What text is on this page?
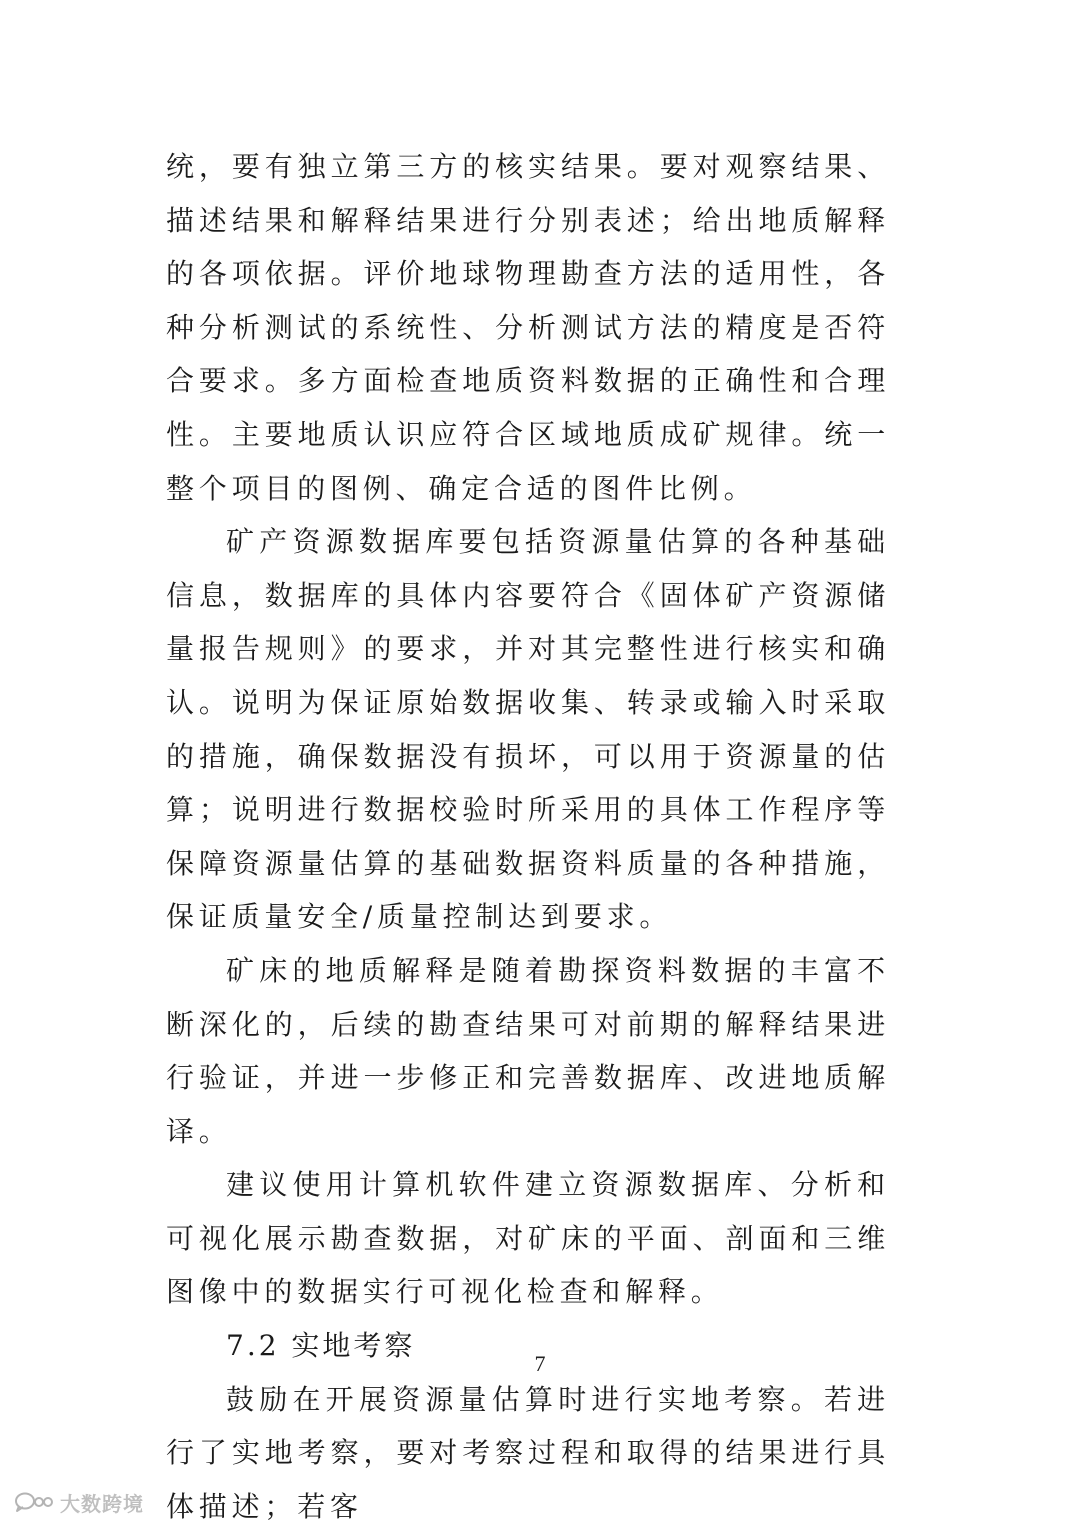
统，要有独立第三方的核实结果。要对观察结果、描述结果和解释结果进行分别表述；给出地质解释的各项依据。评价地球物理勘查方法的适用性，各种分析测试的系统性、分析测试方法的精度是否符合要求。多方面检查地质资料数据的正确性和合理性。主要地质认识应符合区域地质成矿规律。统一整个项目的图例、确定合适的图件比例。

矿产资源数据库要包括资源量估算的各种基础信息，数据库的具体内容要符合《固体矿产资源储量报告规则》的要求，并对其完整性进行核实和确认。说明为保证原始数据收集、转录或输入时采取的措施，确保数据没有损坏，可以用于资源量的估算；说明进行数据校验时所采用的具体工作程序等保障资源量估算的基础数据资料质量的各种措施，保证质量安全/质量控制达到要求。

矿床的地质解释是随着勘探资料数据的丰富不断深化的，后续的勘查结果可对前期的解释结果进行验证，并进一步修正和完善数据库、改进地质解译。

建议使用计算机软件建立资源数据库、分析和可视化展示勘查数据，对矿床的平面、剖面和三维图像中的数据实行可视化检查和解释。

7.2 实地考察

鼓励在开展资源量估算时进行实地考察。若进行了实地考察，要对考察过程和取得的结果进行具体描述；若客

7
大数跨境
